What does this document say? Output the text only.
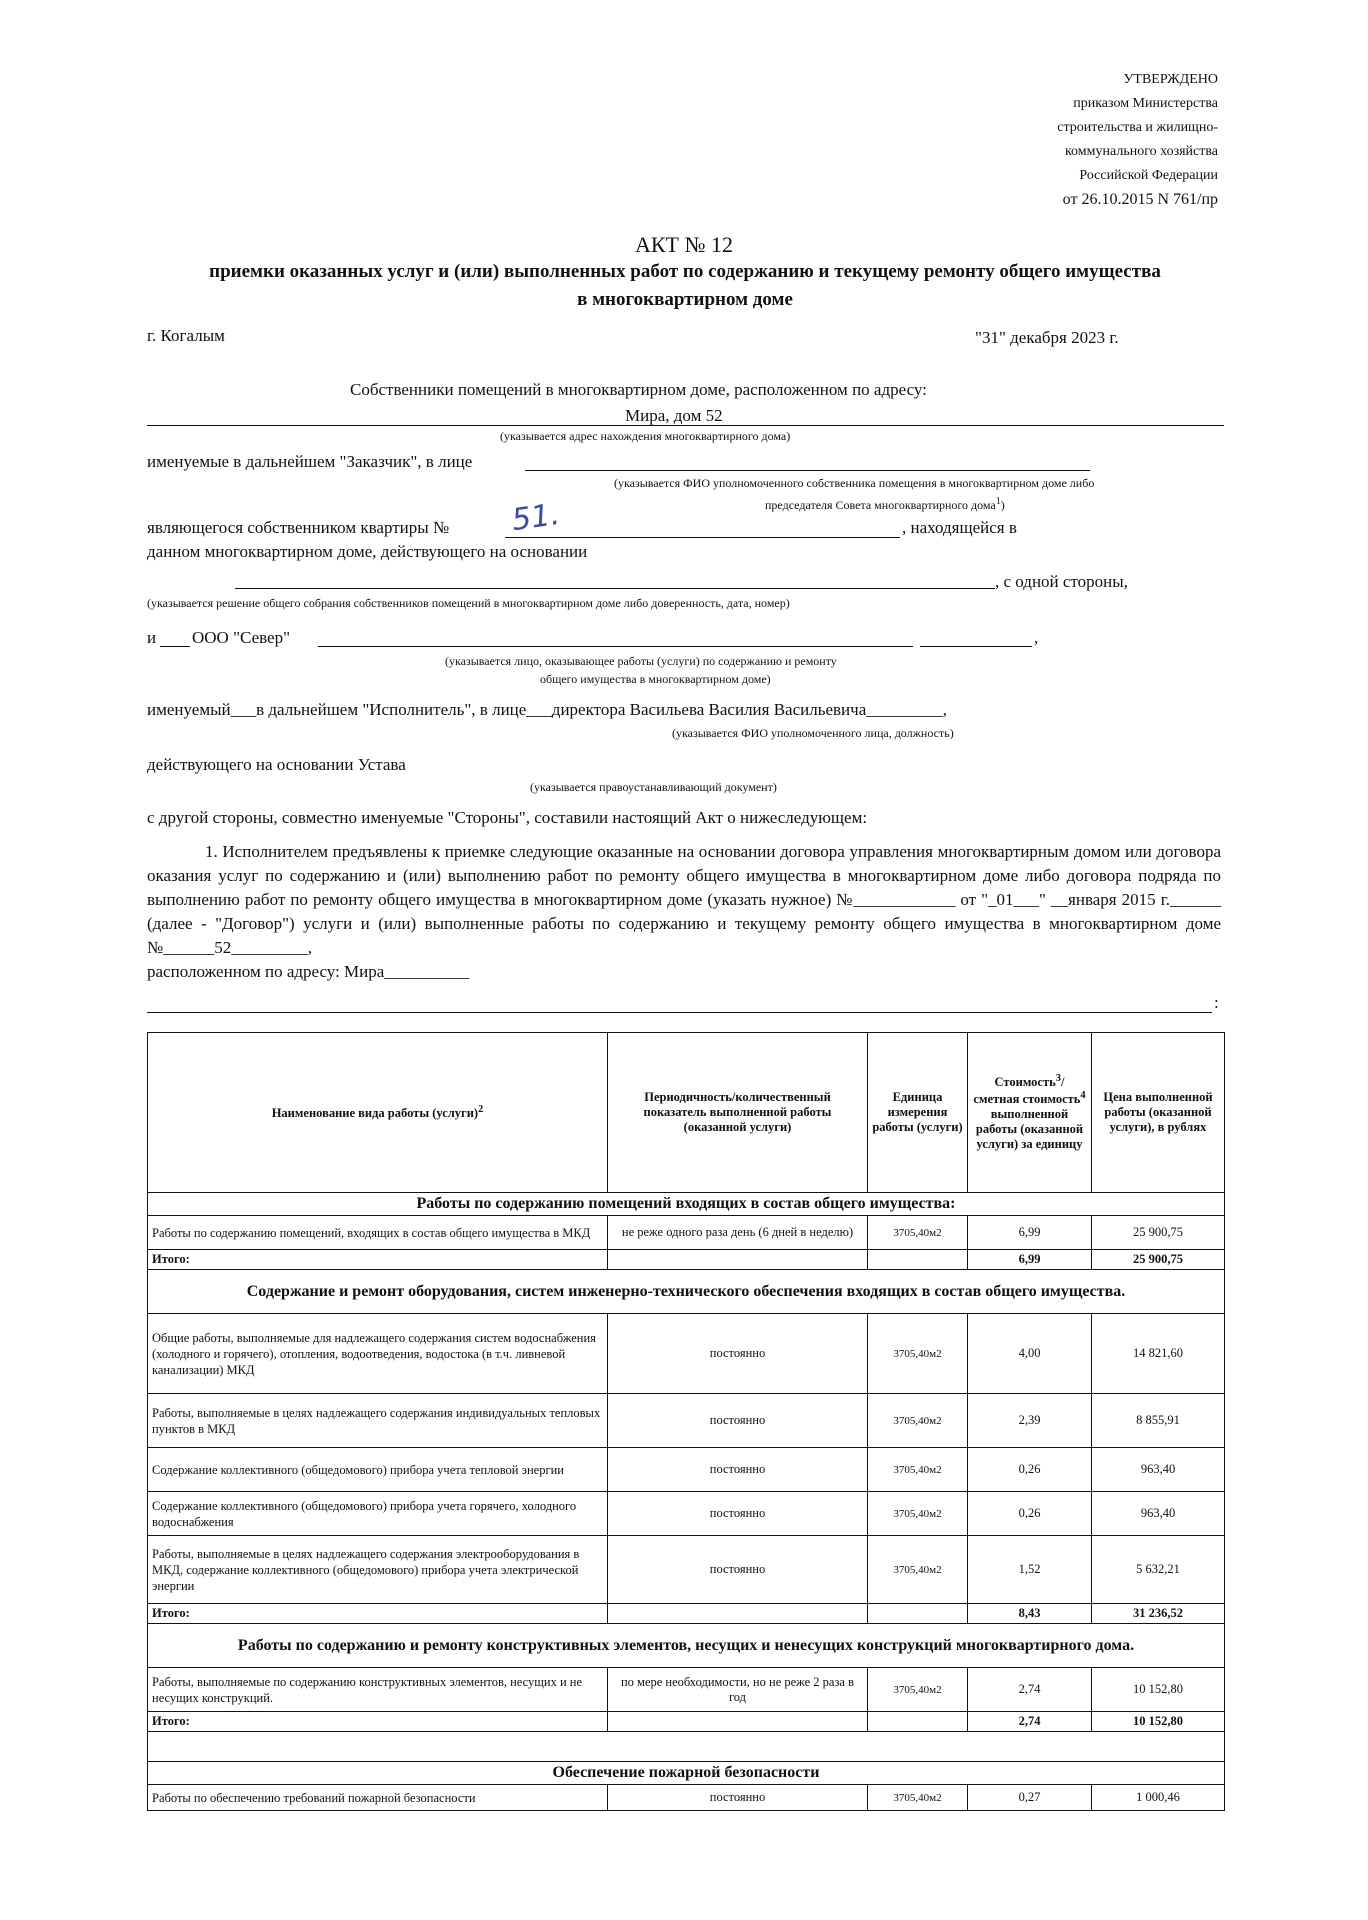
УТВЕРЖДЕНО
приказом Министерства
строительства и жилищно-
коммунального хозяйства
Российской Федерации
от 26.10.2015 N 761/пр
АКТ № 12
приемки оказанных услуг и (или) выполненных работ по содержанию и текущему ремонту общего имущества
в многоквартирном доме
г. Когалым	"31" декабря 2023 г.
Собственники помещений в многоквартирном доме, расположенном по адресу:
Мира, дом 52
(указывается адрес нахождения многоквартирного дома)
именуемые в дальнейшем "Заказчик", в лице
(указывается ФИО уполномоченного собственника помещения в многоквартирном доме либо
председателя Совета многоквартирного дома$^1$)
являющегося собственником квартиры № 51.	, находящейся в
данном многоквартирном доме, действующего на основании
, с одной стороны,
(указывается решение общего собрания собственников помещений в многоквартирном доме либо доверенность, дата, номер)
и ООО "Север"	,
(указывается лицо, оказывающее работы (услуги) по содержанию и ремонту
общего имущества в многоквартирном доме)
именуемый___в дальнейшем "Исполнитель", в лице___директора Васильева Василия Васильевича_________,
(указывается ФИО уполномоченного лица, должность)
действующего на основании Устава
(указывается правоустанавливающий документ)
с другой стороны, совместно именуемые "Стороны", составили настоящий Акт о нижеследующем:
1. Исполнителем предъявлены к приемке следующие оказанные на основании договора управления многоквартирным домом или договора оказания услуг по содержанию и (или) выполнению работ по ремонту общего имущества в многоквартирном доме либо договора подряда по выполнению работ по ремонту общего имущества в многоквартирном доме (указать нужное) №____________ от "_01___" __января 2015 г.______ (далее - "Договор") услуги и (или) выполненные работы по содержанию и текущему ремонту общего имущества в многоквартирном доме №______52_________,
расположенном по адресу: Мира__________
:
Наименование вида работы (услуги)$^2$	Периодичность/количественный показатель выполненной работы (оказанной услуги)	Единица измерения работы (услуги)	Стоимость$^3$/сметная стоимость$^4$ выполненной работы (оказанной услуги) за единицу	Цена выполненной работы (оказанной услуги), в рублях
Работы по содержанию помещений входящих в состав общего имущества:				
Работы по содержанию помещений, входящих в состав общего имущества в МКД	не реже одного раза день (6 дней в неделю)	3705,40м2	6,99	25 900,75
Итого:			6,99	25 900,75
Содержание и ремонт оборудования, систем инженерно-технического обеспечения входящих в состав общего имущества.				
Общие работы, выполняемые для надлежащего содержания систем водоснабжения (холодного и горячего), отопления, водоотведения, водостока (в т.ч. ливневой канализации) МКД	постоянно	3705,40м2	4,00	14 821,60
Работы, выполняемые в целях надлежащего содержания индивидуальных тепловых пунктов в МКД	постоянно	3705,40м2	2,39	8 855,91
Содержание коллективного (общедомового) прибора учета тепловой энергии	постоянно	3705,40м2	0,26	963,40
Содержание коллективного (общедомового) прибора учета горячего, холодного водоснабжения	постоянно	3705,40м2	0,26	963,40
Работы, выполняемые в целях надлежащего содержания электрооборудования в МКД, содержание коллективного (общедомового) прибора учета электрической энергии	постоянно	3705,40м2	1,52	5 632,21
Итого:			8,43	31 236,52
Работы по содержанию и ремонту конструктивных элементов, несущих и ненесущих конструкций многоквартирного дома.				
Работы, выполняемые по содержанию конструктивных элементов, несущих и не несущих конструкций.	по мере необходимости, но не реже 2 раза в год	3705,40м2	2,74	10 152,80
Итого:			2,74	10 152,80

Обеспечение пожарной безопасности				
Работы по обеспечению требований пожарной безопасности	постоянно	3705,40м2	0,27	1 000,46
